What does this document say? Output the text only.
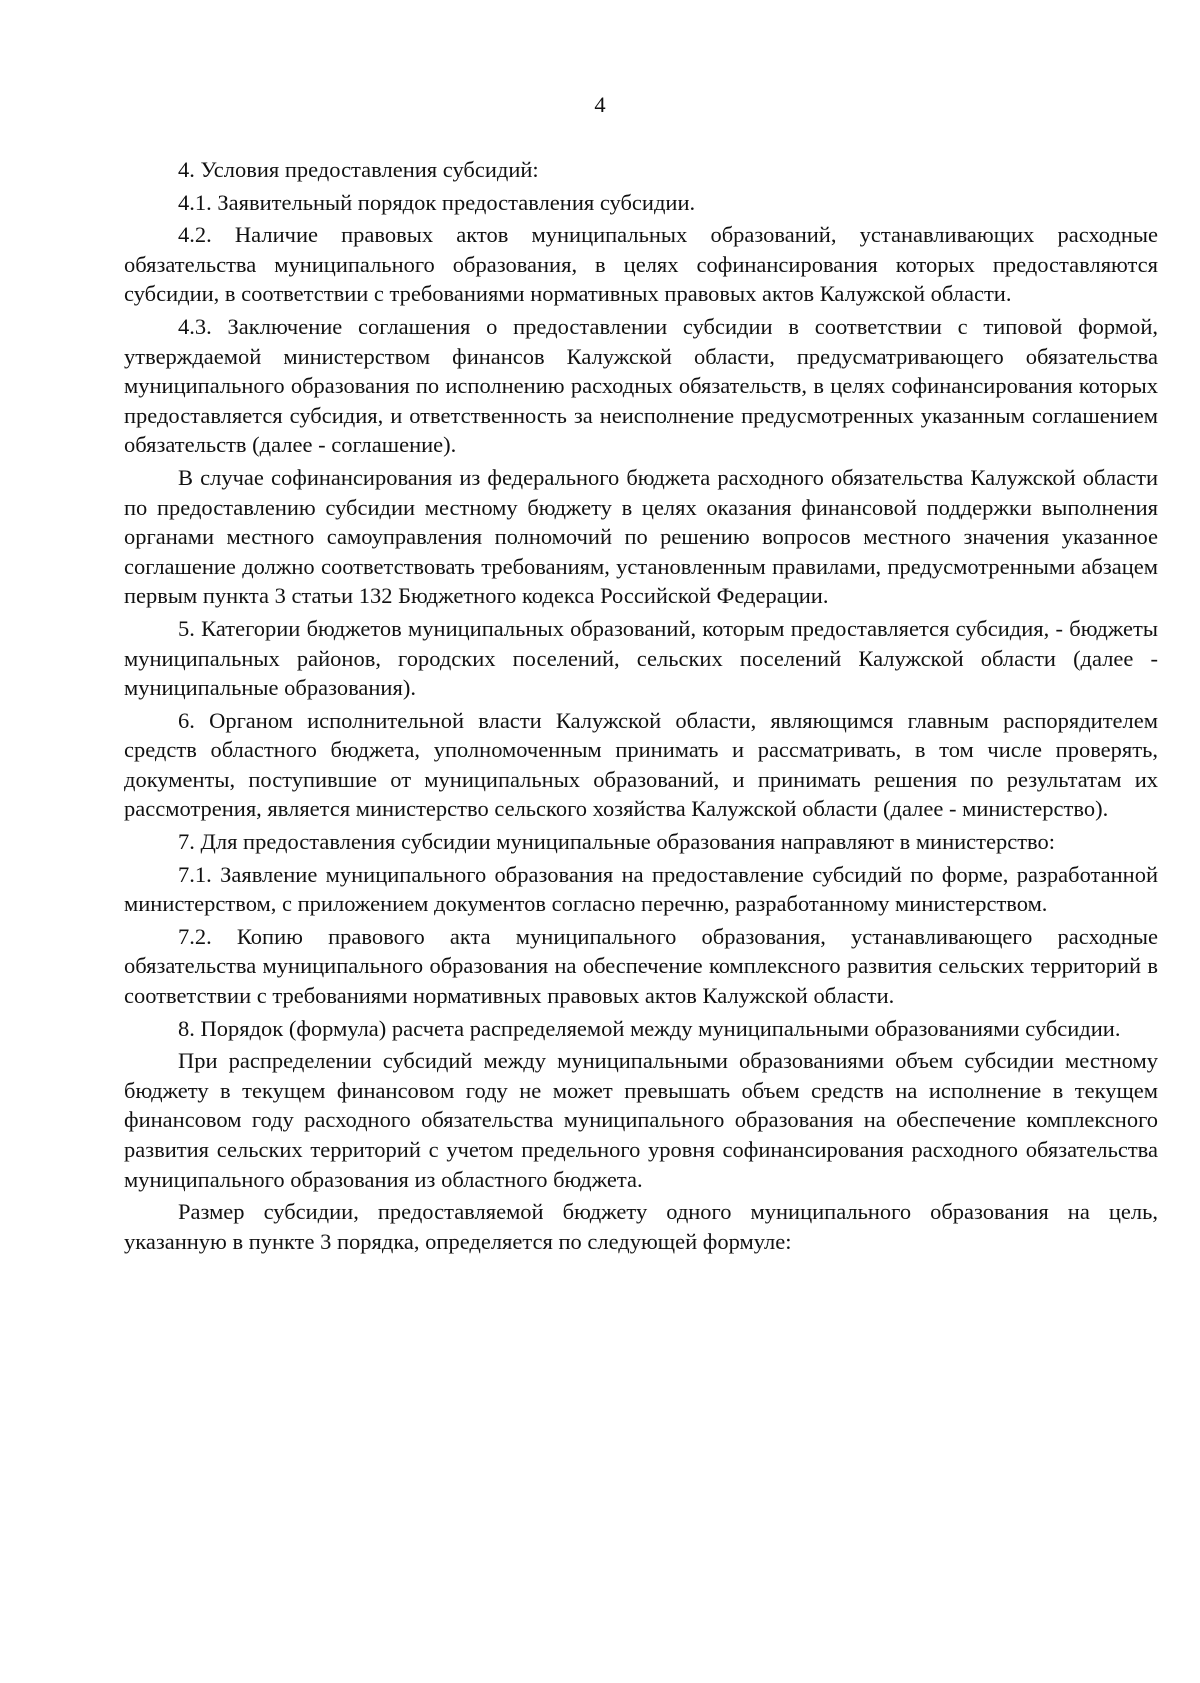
4

4. Условия предоставления субсидий:

4.1. Заявительный порядок предоставления субсидии.

4.2. Наличие правовых актов муниципальных образований, устанавливающих расходные обязательства муниципального образования, в целях софинансирования которых предоставляются субсидии, в соответствии с требованиями нормативных правовых актов Калужской области.

4.3. Заключение соглашения о предоставлении субсидии в соответствии с типовой формой, утверждаемой министерством финансов Калужской области, предусматривающего обязательства муниципального образования по исполнению расходных обязательств, в целях софинансирования которых предоставляется субсидия, и ответственность за неисполнение предусмотренных указанным соглашением обязательств (далее - соглашение).

В случае софинансирования из федерального бюджета расходного обязательства Калужской области по предоставлению субсидии местному бюджету в целях оказания финансовой поддержки выполнения органами местного самоуправления полномочий по решению вопросов местного значения указанное соглашение должно соответствовать требованиям, установленным правилами, предусмотренными абзацем первым пункта 3 статьи 132 Бюджетного кодекса Российской Федерации.

5. Категории бюджетов муниципальных образований, которым предоставляется субсидия, - бюджеты муниципальных районов, городских поселений, сельских поселений Калужской области (далее - муниципальные образования).

6. Органом исполнительной власти Калужской области, являющимся главным распорядителем средств областного бюджета, уполномоченным принимать и рассматривать, в том числе проверять, документы, поступившие от муниципальных образований, и принимать решения по результатам их рассмотрения, является министерство сельского хозяйства Калужской области (далее - министерство).

7. Для предоставления субсидии муниципальные образования направляют в министерство:

7.1. Заявление муниципального образования на предоставление субсидий по форме, разработанной министерством, с приложением документов согласно перечню, разработанному министерством.

7.2. Копию правового акта муниципального образования, устанавливающего расходные обязательства муниципального образования на обеспечение комплексного развития сельских территорий в соответствии с требованиями нормативных правовых актов Калужской области.

8. Порядок (формула) расчета распределяемой между муниципальными образованиями субсидии.

При распределении субсидий между муниципальными образованиями объем субсидии местному бюджету в текущем финансовом году не может превышать объем средств на исполнение в текущем финансовом году расходного обязательства муниципального образования на обеспечение комплексного развития сельских территорий с учетом предельного уровня софинансирования расходного обязательства муниципального образования из областного бюджета.

Размер субсидии, предоставляемой бюджету одного муниципального образования на цель, указанную в пункте 3 порядка, определяется по следующей формуле:
